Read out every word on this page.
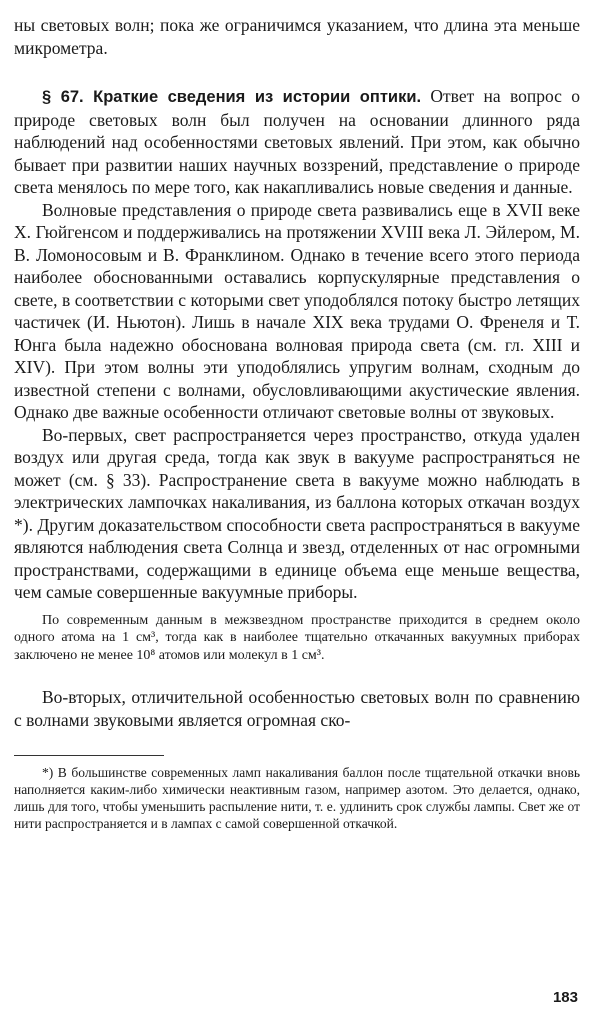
ны световых волн; пока же ограничимся указанием, что длина эта меньше микрометра.

§ 67. Краткие сведения из истории оптики. Ответ на вопрос о природе световых волн был получен на основании длинного ряда наблюдений над особенностями световых явлений. При этом, как обычно бывает при развитии наших научных воззрений, представление о природе света менялось по мере того, как накапливались новые сведения и данные.

Волновые представления о природе света развивались еще в XVII веке Х. Гюйгенсом и поддерживались на протяжении XVIII века Л. Эйлером, М. В. Ломоносовым и В. Франклином. Однако в течение всего этого периода наиболее обоснованными оставались корпускулярные представления о свете, в соответствии с которыми свет уподоблялся потоку быстро летящих частичек (И. Ньютон). Лишь в начале XIX века трудами О. Френеля и Т. Юнга была надежно обоснована волновая природа света (см. гл. XIII и XIV). При этом волны эти уподоблялись упругим волнам, сходным до известной степени с волнами, обусловливающими акустические явления. Однако две важные особенности отличают световые волны от звуковых.

Во-первых, свет распространяется через пространство, откуда удален воздух или другая среда, тогда как звук в вакууме распространяться не может (см. § 33). Распространение света в вакууме можно наблюдать в электрических лампочках накаливания, из баллона которых откачан воздух *). Другим доказательством способности света распространяться в вакууме являются наблюдения света Солнца и звезд, отделенных от нас огромными пространствами, содержащими в единице объема еще меньше вещества, чем самые совершенные вакуумные приборы.

По современным данным в межзвездном пространстве приходится в среднем около одного атома на 1 см³, тогда как в наиболее тщательно откачанных вакуумных приборах заключено не менее 10⁸ атомов или молекул в 1 см³.

Во-вторых, отличительной особенностью световых волн по сравнению с волнами звуковыми является огромная ско-

*) В большинстве современных ламп накаливания баллон после тщательной откачки вновь наполняется каким-либо химически неактивным газом, например азотом. Это делается, однако, лишь для того, чтобы уменьшить распыление нити, т. е. удлинить срок службы лампы. Свет же от нити распространяется и в лампах с самой совершенной откачкой.

183
